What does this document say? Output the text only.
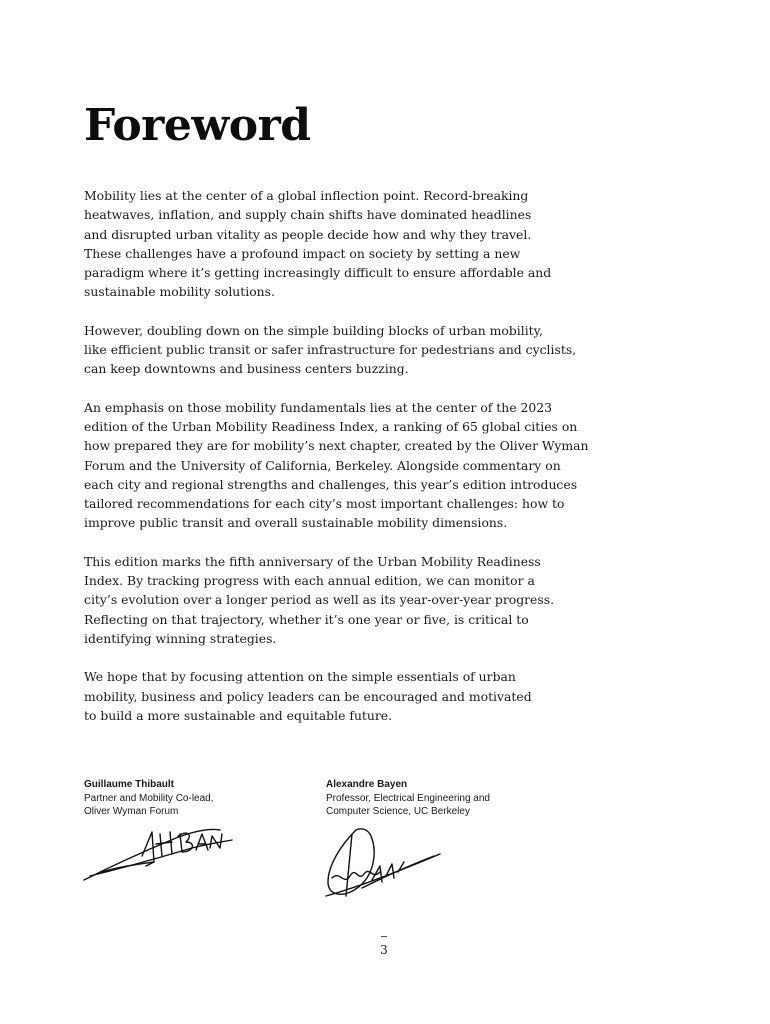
Foreword

Mobility lies at the center of a global inflection point. Record-breaking
heatwaves, inflation, and supply chain shifts have dominated headlines
and disrupted urban vitality as people decide how and why they travel.
These challenges have a profound impact on society by setting a new
paradigm where it’s getting increasingly difficult to ensure affordable and
sustainable mobility solutions.

However, doubling down on the simple building blocks of urban mobility,
like efficient public transit or safer infrastructure for pedestrians and cyclists,
can keep downtowns and business centers buzzing.

An emphasis on those mobility fundamentals lies at the center of the 2023
edition of the Urban Mobility Readiness Index, a ranking of 65 global cities on
how prepared they are for mobility’s next chapter, created by the Oliver Wyman
Forum and the University of California, Berkeley. Alongside commentary on
each city and regional strengths and challenges, this year’s edition introduces
tailored recommendations for each city’s most important challenges: how to
improve public transit and overall sustainable mobility dimensions.

This edition marks the fifth anniversary of the Urban Mobility Readiness
Index. By tracking progress with each annual edition, we can monitor a
city’s evolution over a longer period as well as its year-over-year progress.
Reflecting on that trajectory, whether it’s one year or five, is critical to
identifying winning strategies.

We hope that by focusing attention on the simple essentials of urban
mobility, business and policy leaders can be encouraged and motivated
to build a more sustainable and equitable future.

Guillaume Thibault
Partner and Mobility Co-lead,
Oliver Wyman Forum
Alexandre Bayen
Professor, Electrical Engineering and
Computer Science, UC Berkeley
3
